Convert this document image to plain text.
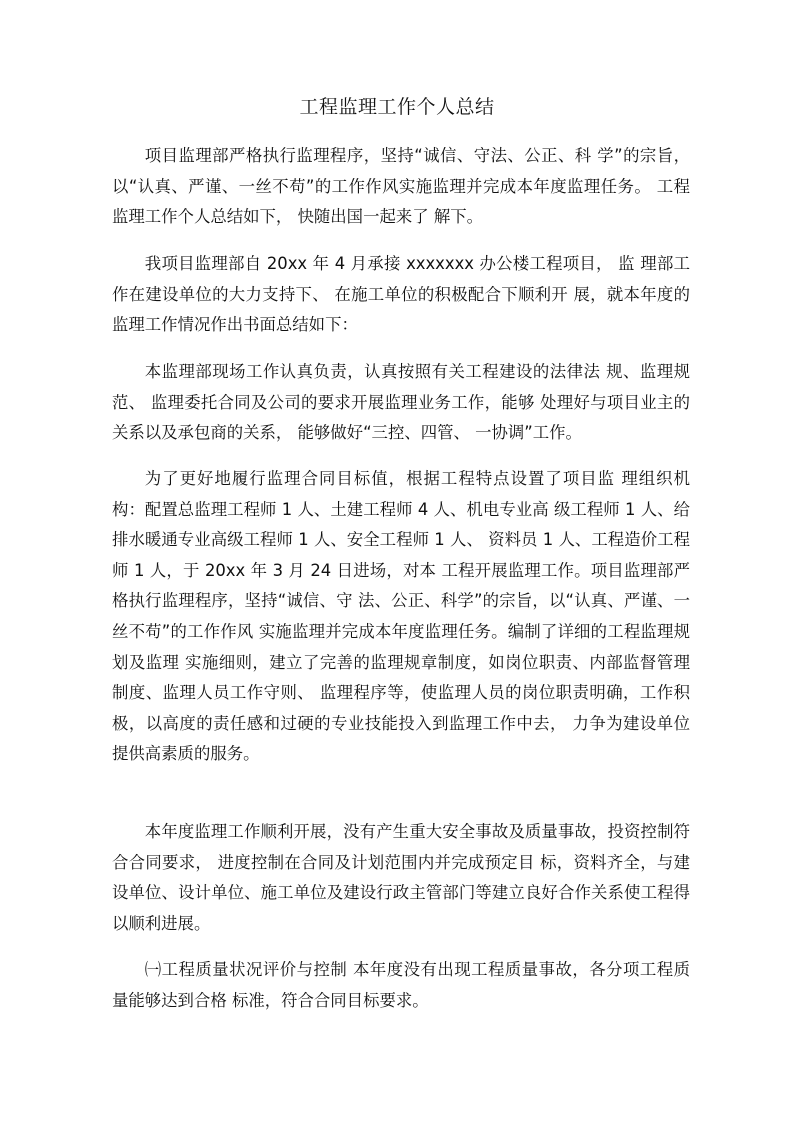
工程监理工作个人总结

项目监理部严格执行监理程序，坚持“诚信、守法、公正、科 学”的宗旨，以“认真、严谨、一丝不苟”的工作作风实施监理并完成本年度监理任务。 工程监理工作个人总结如下， 快随出国一起来了 解下。

我项目监理部自 20xx 年 4 月承接 xxxxxxx 办公楼工程项目， 监 理部工作在建设单位的大力支持下、 在施工单位的积极配合下顺利开 展，就本年度的监理工作情况作出书面总结如下：

本监理部现场工作认真负责，认真按照有关工程建设的法律法 规、监理规范、 监理委托合同及公司的要求开展监理业务工作，能够 处理好与项目业主的关系以及承包商的关系， 能够做好“三控、四管、 一协调”工作。

为了更好地履行监理合同目标值，根据工程特点设置了项目监 理组织机构：配置总监理工程师 1 人、土建工程师 4 人、机电专业高 级工程师 1 人、给排水暖通专业高级工程师 1 人、安全工程师 1 人、 资料员 1 人、工程造价工程师 1 人，于 20xx 年 3 月 24 日进场，对本 工程开展监理工作。项目监理部严格执行监理程序，坚持“诚信、守 法、公正、科学”的宗旨，以“认真、严谨、一丝不苟”的工作作风 实施监理并完成本年度监理任务。编制了详细的工程监理规划及监理 实施细则，建立了完善的监理规章制度，如岗位职责、内部监督管理 制度、监理人员工作守则、 监理程序等，使监理人员的岗位职责明确，工作积极，以高度的责任感和过硬的专业技能投入到监理工作中去， 力争为建设单位提供高素质的服务。

本年度监理工作顺利开展，没有产生重大安全事故及质量事故，投资控制符合合同要求， 进度控制在合同及计划范围内并完成预定目 标，资料齐全，与建设单位、设计单位、施工单位及建设行政主管部门等建立良好合作关系使工程得以顺利进展。

㈠工程质量状况评价与控制 本年度没有出现工程质量事故，各分项工程质量能够达到合格 标准，符合合同目标要求。
